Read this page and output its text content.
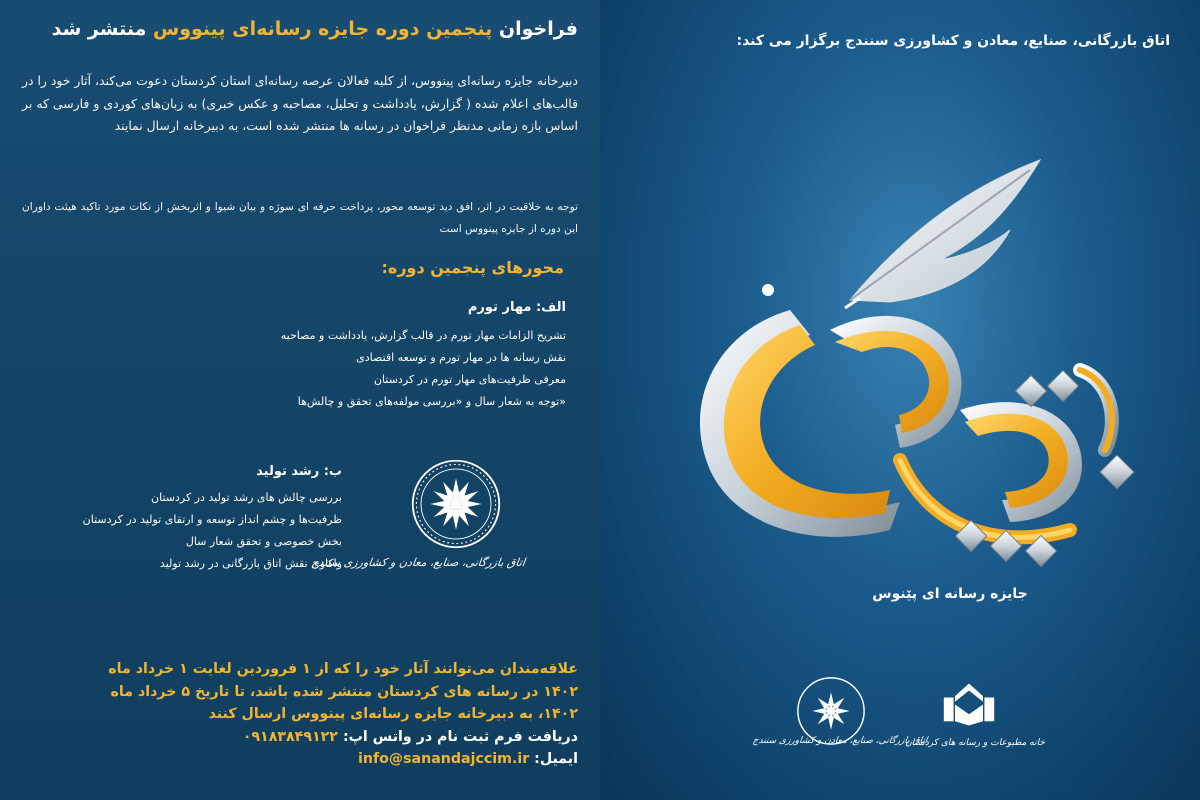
فراخوان پنجمین دوره جایزه رسانه‌ای پینووس منتشر شد
دبیرخانه جایزه رسانه‌ای پینووس، از کلیه فعالان عرصه رسانه‌ای استان کردستان دعوت می‌کند، آثار خود را در قالب‌های اعلام شده ( گزارش، یادداشت و تحلیل، مصاحبه و عکس خبری) به زبان‌های کوردی و فارسی که بر اساس بازه زمانی مدنظر فراخوان در رسانه ها منتشر شده است، به دبیرخانه ارسال نمایند
توجه به خلاقیت در اثر، افق دید توسعه محور، پرداخت حرفه ای سوژه و بیان شیوا و اثربخش از نکات مورد تاکید هیئت داوران این دوره از جایزه پینووس است
محورهای پنجمین دوره:
الف: مهار تورم
تشریح الزامات مهار تورم در قالب گزارش، یادداشت و مصاحبه
نقش رسانه ها در مهار تورم و توسعه اقتصادی
معرفی ظرفیت‌های مهار تورم در کردستان
«توجه به شعار سال و «بررسی مولفه‌های تحقق و چالش‌ها
ب: رشد تولید
بررسی چالش های رشد تولید در کردستان
ظرفیت‌ها و چشم انداز توسعه و ارتقای تولید در کردستان
بخش خصوصی و تحقق شعار سال
واکاوی نقش اتاق بازرگانی در رشد تولید
اتاق بازرگانی، صنایع، معادن و کشاورزی سنندج

علاقه‌مندان می‌توانند آثار خود را که از ۱ فروردین لغایت ۱ خرداد ماه

۱۴۰۲ در رسانه های کردستان منتشر شده باشد، تا تاریخ ۵ خرداد ماه

۱۴۰۲، به دبیرخانه جایزه رسانه‌ای پینووس ارسال کنند

دریافت فرم ثبت نام در واتس اپ: ۰۹۱۸۳۸۴۹۱۲۲

ایمیل: info@sanandajccim.ir

اتاق بازرگانی، صنایع، معادن و کشاورزی سنندج برگزار می کند:
جایزه رسانه ای پێنوس
اتاق بازرگانی، صنایع، معادن و کشاورزی سنندج
خانه مطبوعات و رسانه های کردستان
